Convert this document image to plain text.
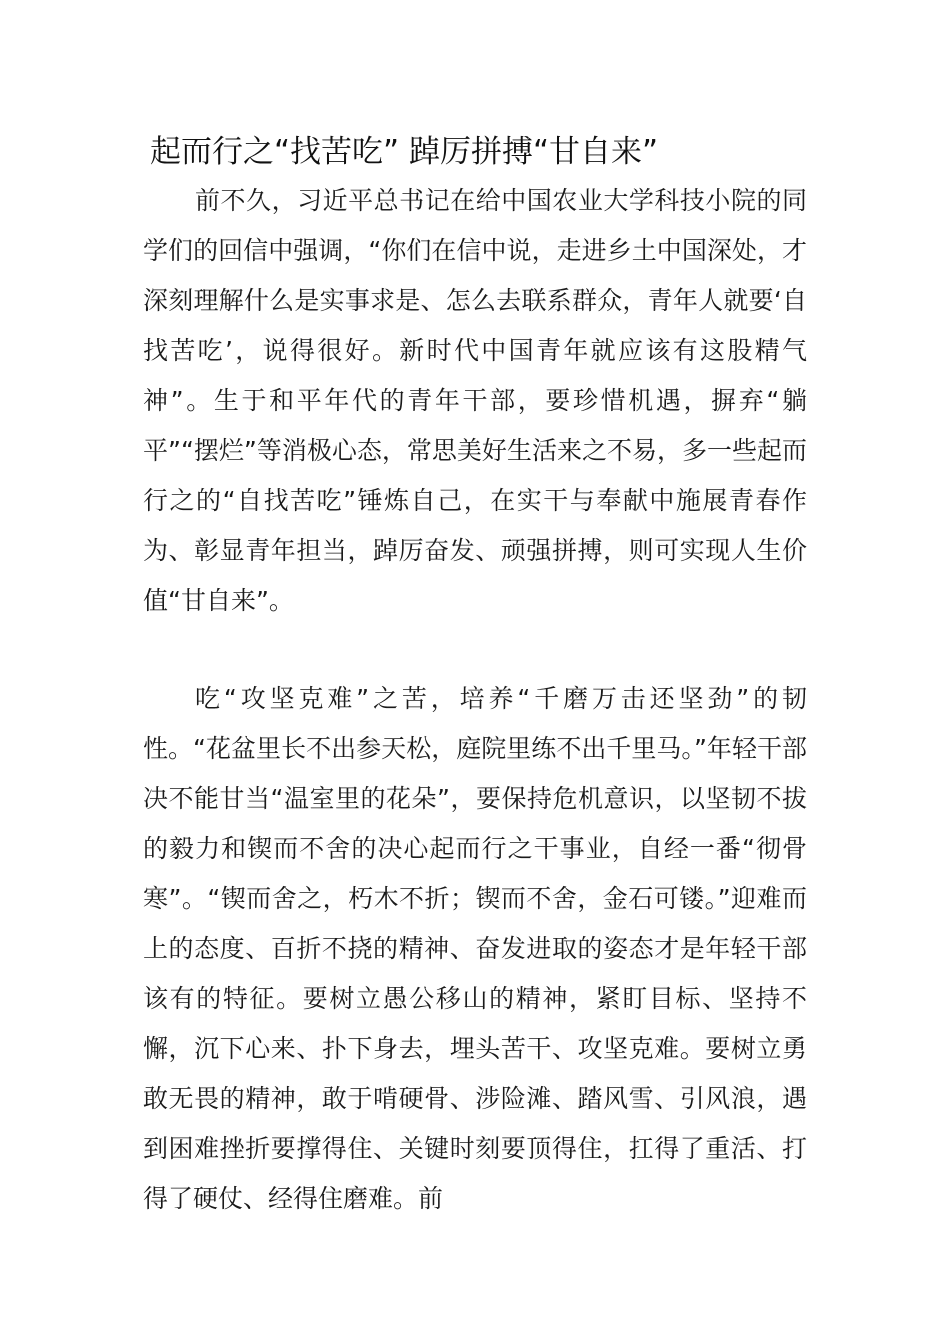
起而行之“找苦吃” 踔厉拼搏“甘自来”

前不久，习近平总书记在给中国农业大学科技小院的同学们的回信中强调，“你们在信中说，走进乡土中国深处，才深刻理解什么是实事求是、怎么去联系群众，青年人就要‘自找苦吃’，说得很好。新时代中国青年就应该有这股精气神”。生于和平年代的青年干部，要珍惜机遇，摒弃“躺平”“摆烂”等消极心态，常思美好生活来之不易，多一些起而行之的“自找苦吃”锤炼自己，在实干与奉献中施展青春作为、彰显青年担当，踔厉奋发、顽强拼搏，则可实现人生价值“甘自来”。

吃“攻坚克难”之苦，培养“千磨万击还坚劲”的韧性。“花盆里长不出参天松，庭院里练不出千里马。”年轻干部决不能甘当“温室里的花朵”，要保持危机意识，以坚韧不拔的毅力和锲而不舍的决心起而行之干事业，自经一番“彻骨寒”。“锲而舍之，朽木不折；锲而不舍，金石可镂。”迎难而上的态度、百折不挠的精神、奋发进取的姿态才是年轻干部该有的特征。要树立愚公移山的精神，紧盯目标、坚持不懈，沉下心来、扑下身去，埋头苦干、攻坚克难。要树立勇敢无畏的精神，敢于啃硬骨、涉险滩、踏风雪、引风浪，遇到困难挫折要撑得住、关键时刻要顶得住，扛得了重活、打得了硬仗、经得住磨难。前
